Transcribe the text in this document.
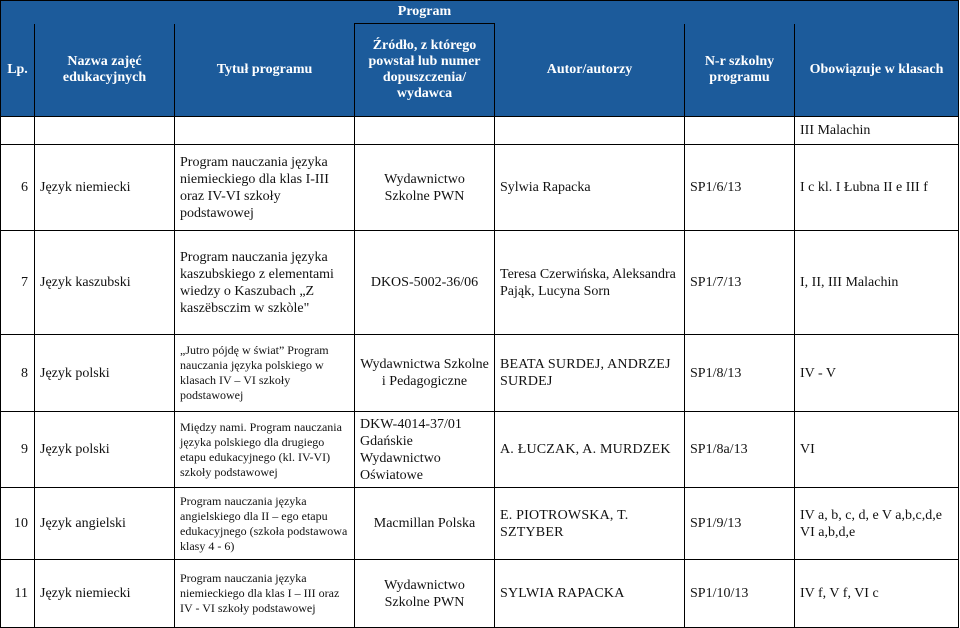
			Program			
Lp.	Nazwa zajęć edukacyjnych	Tytuł programu	Źródło, z którego powstał lub numer dopuszczenia/ wydawca	Autor/autorzy	N-r szkolny programu	Obowiązuje w klasach
						III Malachin
6	Język niemiecki	Program nauczania języka niemieckiego dla klas I-III oraz IV-VI szkoły podstawowej	Wydawnictwo Szkolne PWN	Sylwia Rapacka	SP1/6/13	I c kl. I Łubna II e III f
7	Język kaszubski	Program nauczania języka kaszubskiego z elementami wiedzy o Kaszubach „Z kaszëbsczim w szkòle"	DKOS-5002-36/06	Teresa Czerwińska, Aleksandra Pająk, Lucyna Sorn	SP1/7/13	I, II, III Malachin
8	Język polski	„Jutro pójdę w świat” Program nauczania języka polskiego w klasach IV – VI szkoły podstawowej	Wydawnictwa Szkolne i Pedagogiczne	BEATA SURDEJ, ANDRZEJ SURDEJ	SP1/8/13	IV - V
9	Język polski	Między nami. Program nauczania języka polskiego dla drugiego etapu edukacyjnego (kl. IV-VI) szkoły podstawowej	DKW-4014-37/01 Gdańskie Wydawnictwo Oświatowe	A. ŁUCZAK, A. MURDZEK	SP1/8a/13	VI
10	Język angielski	Program nauczania języka angielskiego dla II – ego etapu edukacyjnego (szkoła podstawowa klasy 4 - 6)	Macmillan Polska	E. PIOTROWSKA, T. SZTYBER	SP1/9/13	IV a, b, c, d, e V a,b,c,d,e VI a,b,d,e
11	Język niemiecki	Program nauczania języka niemieckiego dla klas I – III oraz IV - VI szkoły podstawowej	Wydawnictwo Szkolne PWN	SYLWIA RAPACKA	SP1/10/13	IV f, V f, VI c
